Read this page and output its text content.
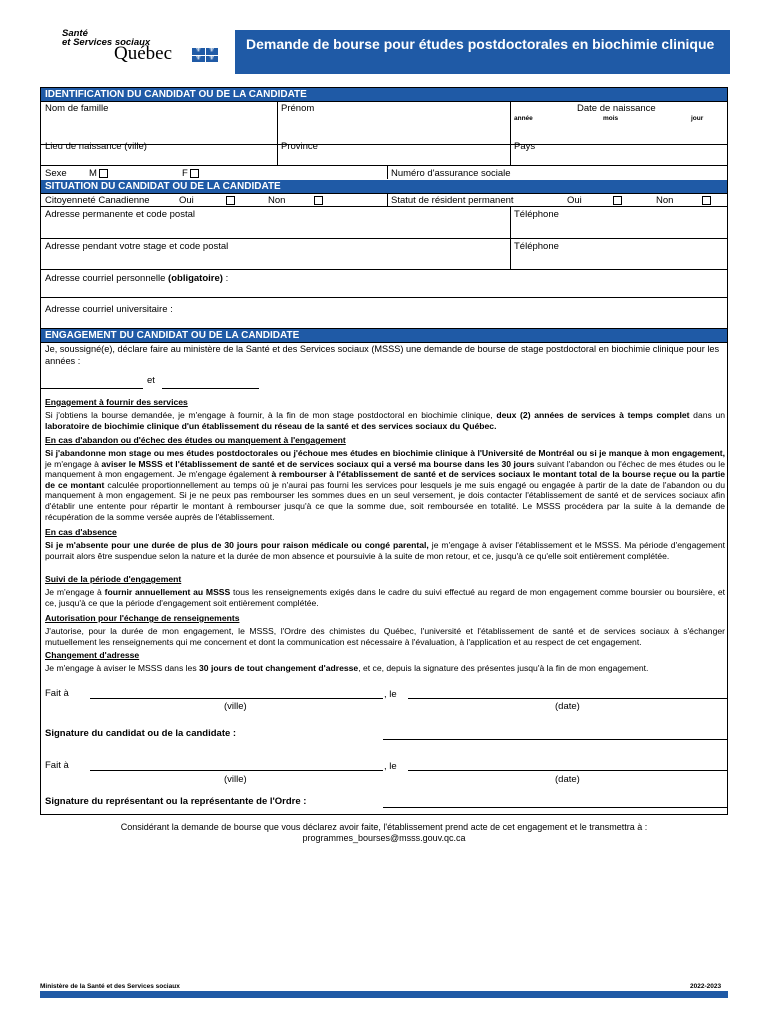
Santé
et Services sociaux
Québec	⚜	⚜
⚜	⚜
Demande de bourse pour études postdoctorales en biochimie clinique
IDENTIFICATION DU CANDIDAT OU DE LA CANDIDATE
Nom de famille	Prénom	Date de naissance
année	mois	jour
Lieu de naissance (ville)	Province	Pays
Sexe M	F	Numéro d'assurance sociale
SITUATION DU CANDIDAT OU DE LA CANDIDATE
Citoyenneté Canadienne	Oui	Non	Statut de résident permanent	Oui	Non
Adresse permanente et code postal	Téléphone
Adresse pendant votre stage et code postal	Téléphone
Adresse courriel personnelle (obligatoire) :
Adresse courriel universitaire :
ENGAGEMENT DU CANDIDAT OU DE LA CANDIDATE
Je, soussigné(e), déclare faire au ministère de la Santé et des Services sociaux (MSSS) une demande de bourse de stage postdoctoral en biochimie clinique pour les années :
et
Engagement à fournir des services
Si j'obtiens la bourse demandée, je m'engage à fournir, à la fin de mon stage postdoctoral en biochimie clinique, deux (2) années de services à temps complet dans un laboratoire de biochimie clinique d'un établissement du réseau de la santé et des services sociaux du Québec.
En cas d'abandon ou d'échec des études ou manquement à l'engagement
Si j'abandonne mon stage ou mes études postdoctorales ou j'échoue mes études en biochimie clinique à l'Université de Montréal ou si je manque à mon engagement, je m'engage à aviser le MSSS et l'établissement de santé et de services sociaux qui a versé ma bourse dans les 30 jours suivant l'abandon ou l'échec de mes études ou le manquement à mon engagement. Je m'engage également à rembourser à l'établissement de santé et de services sociaux le montant total de la bourse reçue ou la partie de ce montant calculée proportionnellement au temps où je n'aurai pas fourni les services pour lesquels je me suis engagé ou engagée à partir de la date de l'abandon ou du manquement à mon engagement. Si je ne peux pas rembourser les sommes dues en un seul versement, je dois contacter l'établissement de santé et de services sociaux afin d'établir une entente pour répartir le montant à rembourser jusqu'à ce que la somme due, soit remboursée en totalité. Le MSSS procédera par la suite à la demande de récupération de la somme versée auprès de l'établissement.
En cas d'absence
Si je m'absente pour une durée de plus de 30 jours pour raison médicale ou congé parental, je m'engage à aviser l'établissement et le MSSS. Ma période d'engagement pourrait alors être suspendue selon la nature et la durée de mon absence et poursuivie à la suite de mon retour, et ce, jusqu'à ce qu'elle soit entièrement complétée.
Suivi de la période d'engagement
Je m'engage à fournir annuellement au MSSS tous les renseignements exigés dans le cadre du suivi effectué au regard de mon engagement comme boursier ou boursière, et ce, jusqu'à ce que la période d'engagement soit entièrement complétée.
Autorisation pour l'échange de renseignements
J'autorise, pour la durée de mon engagement, le MSSS, l'Ordre des chimistes du Québec, l'université et l'établissement de santé et de services sociaux à s'échanger mutuellement les renseignements qui me concernent et dont la communication est nécessaire à l'évaluation, à l'application et au respect de cet engagement.
Changement d'adresse
Je m'engage à aviser le MSSS dans les 30 jours de tout changement d'adresse, et ce, depuis la signature des présentes jusqu'à la fin de mon engagement.
Fait à	, le
(ville)	(date)
Signature du candidat ou de la candidate :
Fait à	, le
(ville)	(date)
Signature du représentant ou la représentante de l'Ordre :
Considérant la demande de bourse que vous déclarez avoir faite, l'établissement prend acte de cet engagement et le transmettra à :
programmes_bourses@msss.gouv.qc.ca
Ministère de la Santé et des Services sociaux	2022-2023
